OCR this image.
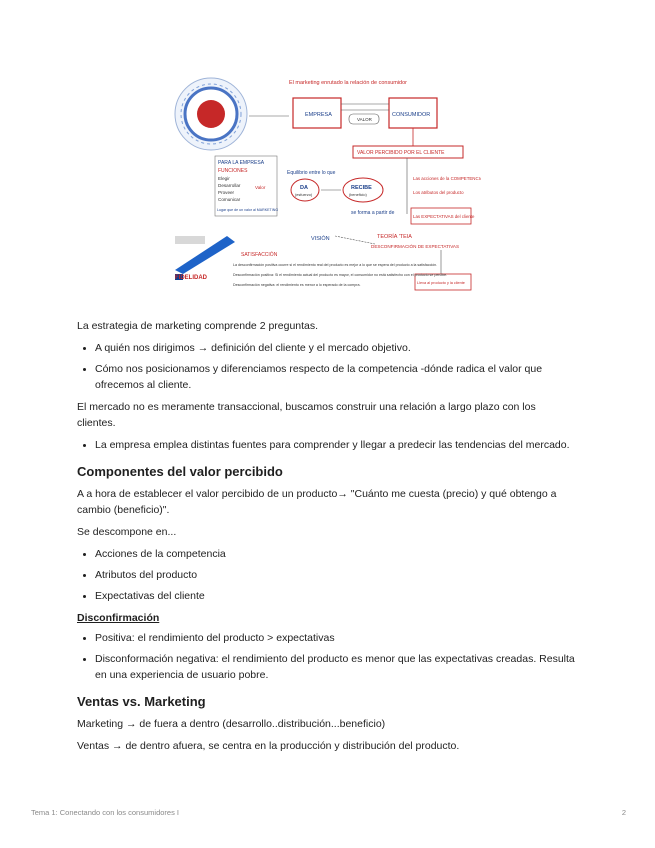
El marketing enrutado la relación de consumidor
EMPRESA	CONSUMIDOR
VALOR
VALOR PERCIBIDO POR EL CLIENTE
PARA LA EMPRESA
FUNCIONES
Elegir
Desarrollar
Proveer
Comunicar
Valor
Lugar que de un valor al MARKETING
Equilibrio entre lo que
DA
(esfuerzo)
RECIBE
(beneficio)
se forma a partir de
Las acciones de la COMPETENCIA
Los atributos del producto
Las EXPECTATIVAS del cliente
VISIÓN	TEORÍA 'TEIA
DESCONFIRMACIÓN DE EXPECTATIVAS
SATISFACCIÓN
FIDELIDAD
Lleva al producto y la cliente
La desconfirmación positiva ocurre si el rendimiento real del producto es mejor a lo que se espera del producto a la satisfacción.
Desconfirmación positiva: Si el rendimiento actual del producto es mayor, el consumidor no está satisfecho con el producto se percibe.
Desconfirmación negativa: el rendimiento es menor a lo esperado de la compra.

La estrategia de marketing comprende 2 preguntas.

• A quién nos dirigimos → definición del cliente y el mercado objetivo.
• Cómo nos posicionamos y diferenciamos respecto de la competencia -dónde radica el valor que ofrecemos al cliente.

El mercado no es meramente transaccional, buscamos construir una relación a largo plazo con los clientes.

• La empresa emplea distintas fuentes para comprender y llegar a predecir las tendencias del mercado.
Componentes del valor percibido

A a hora de establecer el valor percibido de un producto→ "Cuánto me cuesta (precio) y qué obtengo a cambio (beneficio)".

Se descompone en...

• Acciones de la competencia
• Atributos del producto
• Expectativas del cliente
Disconfirmación
• Positiva: el rendimiento del producto > expectativas
• Disconformación negativa: el rendimiento del producto es menor que las expectativas creadas. Resulta en una experiencia de usuario pobre.
Ventas vs. Marketing

Marketing → de fuera a dentro (desarrollo..distribución...beneficio)

Ventas → de dentro afuera, se centra en la producción y distribución del producto.

Tema 1: Conectando con los consumidores I	2
